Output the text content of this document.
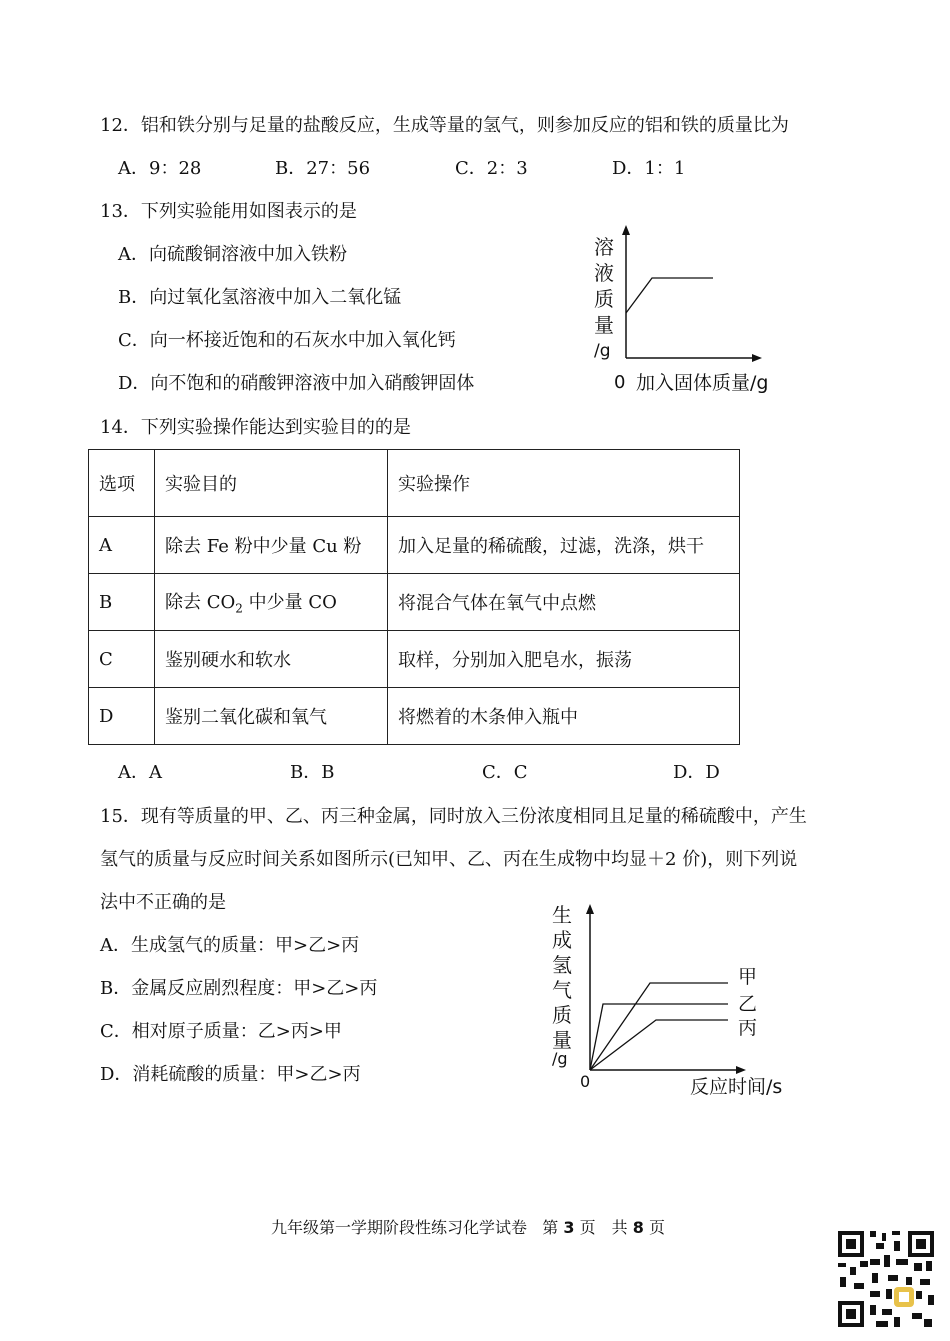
12．铝和铁分别与足量的盐酸反应，生成等量的氢气，则参加反应的铝和铁的质量比为
A．9：28	B．27：56	C．2：3	D．1：1
13．下列实验能用如图表示的是
A．向硫酸铜溶液中加入铁粉
B．向过氧化氢溶液中加入二氧化锰
C．向一杯接近饱和的石灰水中加入氧化钙
D．向不饱和的硝酸钾溶液中加入硝酸钾固体
溶
液
质
量
/g
0 加入固体质量/g
14．下列实验操作能达到实验目的的是
选项	实验目的	实验操作
A	除去 Fe 粉中少量 Cu 粉	加入足量的稀硫酸，过滤，洗涤，烘干
B	除去 $CO_2$ 中少量 CO	将混合气体在氧气中点燃
C	鉴别硬水和软水	取样，分别加入肥皂水，振荡
D	鉴别二氧化碳和氧气	将燃着的木条伸入瓶中
A．A	B．B	C．C	D．D
15．现有等质量的甲、乙、丙三种金属，同时放入三份浓度相同且足量的稀硫酸中，产生
氢气的质量与反应时间关系如图所示(已知甲、乙、丙在生成物中均显＋2 价)，则下列说
法中不正确的是
A．生成氢气的质量：甲>乙>丙
B．金属反应剧烈程度：甲>乙>丙
C．相对原子质量：乙>丙>甲
D．消耗硫酸的质量：甲>乙>丙
生
成
氢
气
质
量
/g
0	反应时间/s
甲
乙
丙
九年级第一学期阶段性练习化学试卷 第 3 页　共 8 页
